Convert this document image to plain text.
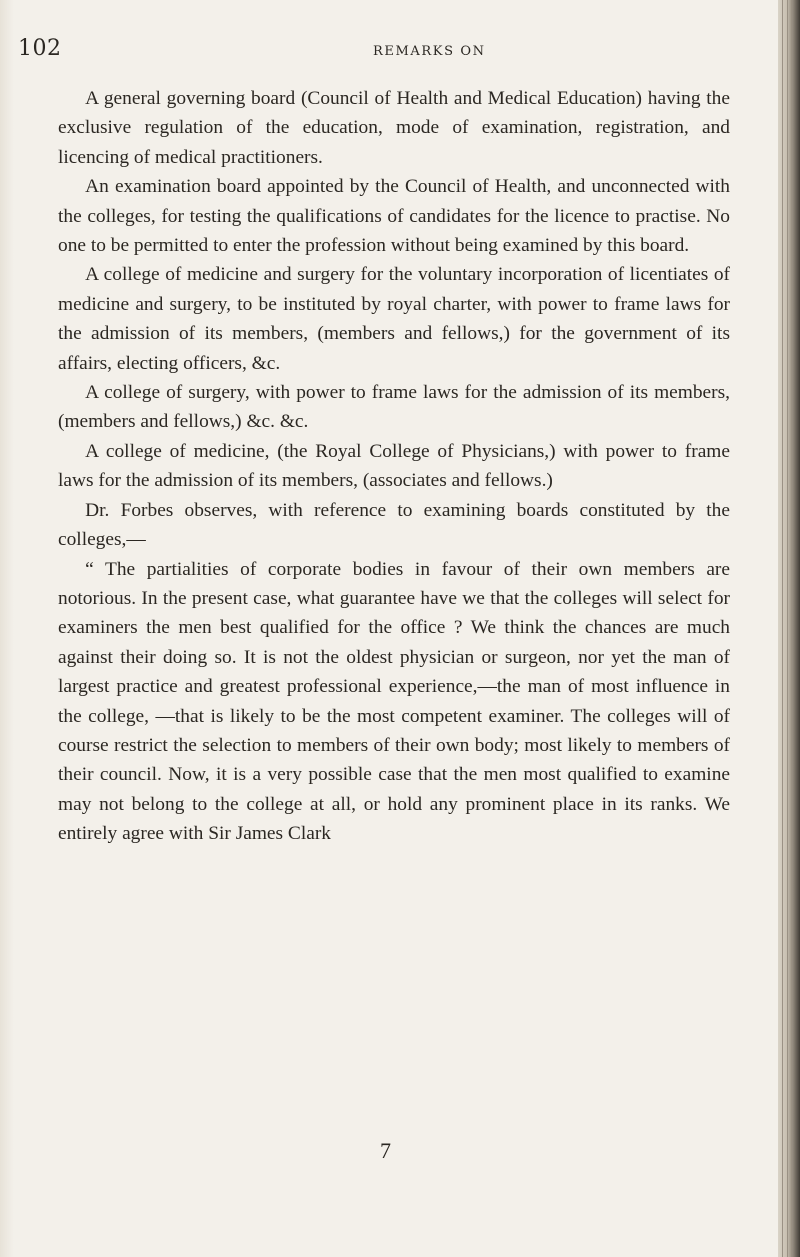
102	REMARKS ON

A general governing board (Council of Health and Medical Education) having the exclusive regulation of the education, mode of examination, registration, and licencing of medical practitioners.

An examination board appointed by the Council of Health, and unconnected with the colleges, for testing the qualifications of candidates for the licence to practise. No one to be permitted to enter the profession without being examined by this board.

A college of medicine and surgery for the voluntary incorporation of licentiates of medicine and surgery, to be instituted by royal charter, with power to frame laws for the admission of its members, (members and fellows,) for the government of its affairs, electing officers, &c.

A college of surgery, with power to frame laws for the admission of its members, (members and fellows,) &c. &c.

A college of medicine, (the Royal College of Physicians,) with power to frame laws for the admission of its members, (associates and fellows.)

Dr. Forbes observes, with reference to examining boards constituted by the colleges,—

“ The partialities of corporate bodies in favour of their own members are notorious. In the present case, what guarantee have we that the colleges will select for examiners the men best qualified for the office ? We think the chances are much against their doing so. It is not the oldest physician or surgeon, nor yet the man of largest practice and greatest professional experience,—the man of most influence in the college, —that is likely to be the most competent examiner. The colleges will of course restrict the selection to members of their own body; most likely to members of their council. Now, it is a very possible case that the men most qualified to examine may not belong to the college at all, or hold any prominent place in its ranks. We entirely agree with Sir James Clark

7
